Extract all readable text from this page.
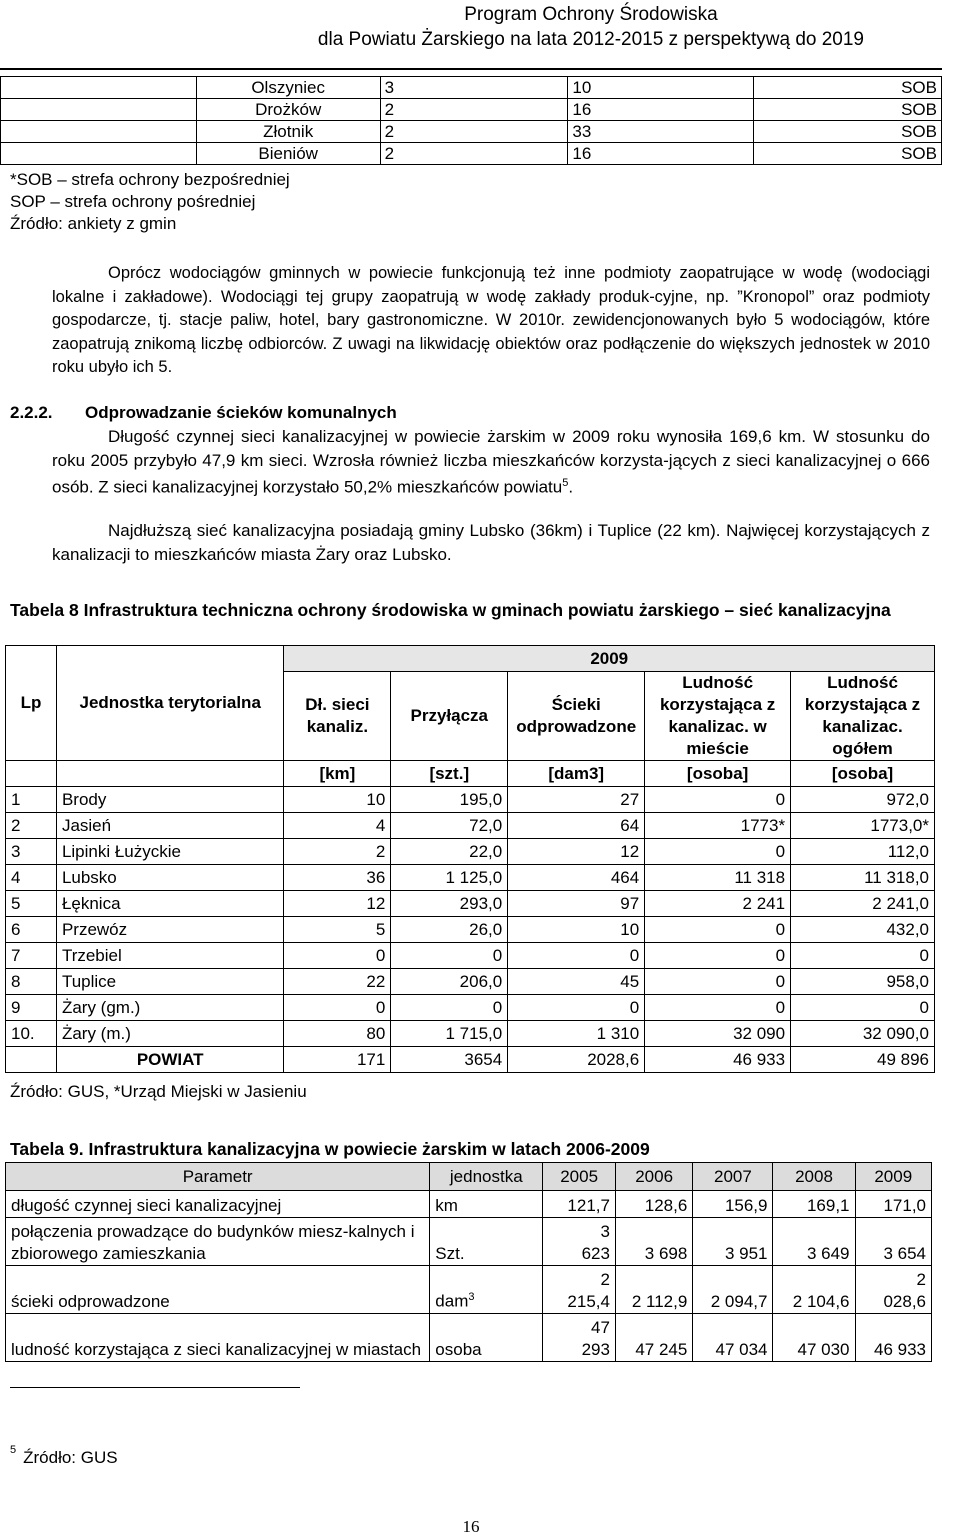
Program Ochrony Środowiska
dla Powiatu Żarskiego na lata 2012-2015 z perspektywą do 2019
	Olszyniec	3	10	SOB
	Drożków	2	16	SOB
	Złotnik	2	33	SOB
	Bieniów	2	16	SOB
*SOB – strefa ochrony bezpośredniej
SOP – strefa ochrony pośredniej
Źródło: ankiety z gmin
Oprócz wodociągów gminnych w powiecie funkcjonują też inne podmioty zaopatrujące w wodę (wodociągi lokalne i zakładowe). Wodociągi tej grupy zaopatrują w wodę zakłady produk-cyjne, np. ”Kronopol” oraz podmioty gospodarcze, tj. stacje paliw, hotel, bary gastronomiczne. W 2010r. zewidencjonowanych było 5 wodociągów, które zaopatrują znikomą liczbę odbiorców. Z uwagi na likwidację obiektów oraz podłączenie do większych jednostek w 2010 roku ubyło ich 5.
2.2.2. Odprowadzanie ścieków komunalnych
Długość czynnej sieci kanalizacyjnej w powiecie żarskim w 2009 roku wynosiła 169,6 km. W stosunku do roku 2005 przybyło 47,9 km sieci. Wzrosła również liczba mieszkańców korzysta-jących z sieci kanalizacyjnej o 666 osób. Z sieci kanalizacyjnej korzystało 50,2% mieszkańców powiatu$^5$.
Najdłuższą sieć kanalizacyjna posiadają gminy Lubsko (36km) i Tuplice (22 km). Najwięcej korzystających z kanalizacji to mieszkańców miasta Żary oraz Lubsko.
Tabela 8 Infrastruktura techniczna ochrony środowiska w gminach powiatu żarskiego – sieć kanalizacyjna
Lp	Jednostka terytorialna	2009				
		Dł. sieci kanaliz.	Przyłącza	Ścieki odprowadzone	Ludność korzystająca z kanalizac. w mieście	Ludność korzystająca z kanalizac. ogółem
		[km]	[szt.]	[dam3]	[osoba]	[osoba]
1	Brody	10	195,0	27	0	972,0
2	Jasień	4	72,0	64	1773*	1773,0*
3	Lipinki Łużyckie	2	22,0	12	0	112,0
4	Lubsko	36	1 125,0	464	11 318	11 318,0
5	Łęknica	12	293,0	97	2 241	2 241,0
6	Przewóz	5	26,0	10	0	432,0
7	Trzebiel	0	0	0	0	0
8	Tuplice	22	206,0	45	0	958,0
9	Żary (gm.)	0	0	0	0	0
10.	Żary (m.)	80	1 715,0	1 310	32 090	32 090,0
	POWIAT	171	3654	2028,6	46 933	49 896
Źródło: GUS, *Urząd Miejski w Jasieniu
Tabela 9. Infrastruktura kanalizacyjna w powiecie żarskim w latach 2006-2009
Parametr	jednostka	2005	2006	2007	2008	2009
długość czynnej sieci kanalizacyjnej	km	121,7	128,6	156,9	169,1	171,0
połączenia prowadzące do budynków miesz-kalnych i zbiorowego zamieszkania	Szt.	3 623	3 698	3 951	3 649	3 654
ścieki odprowadzone	dam$^3$	2 215,4	2 112,9	2 094,7	2 104,6	2 028,6
ludność korzystająca z sieci kanalizacyjnej w miastach	osoba	47 293	47 245	47 034	47 030	46 933
$^5$ Źródło: GUS
16
